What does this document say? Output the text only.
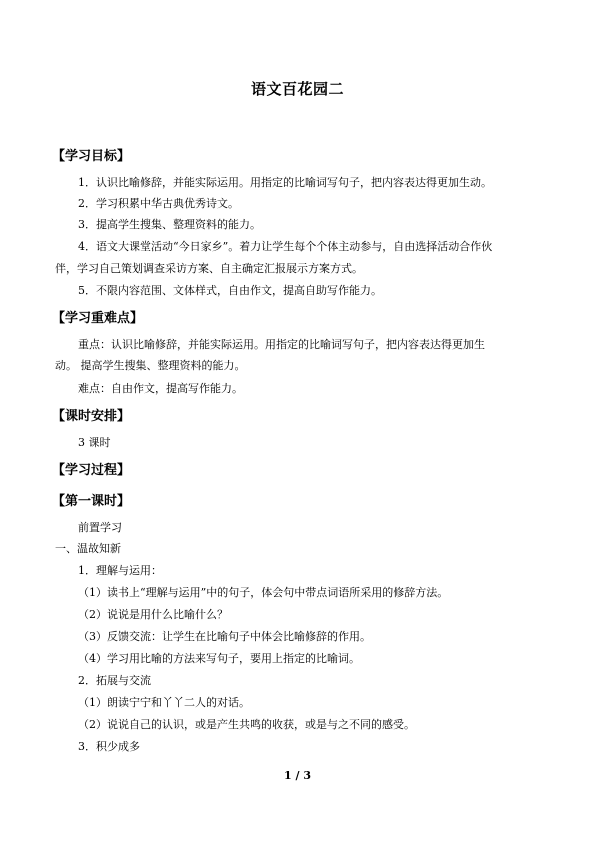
语文百花园二
【学习目标】
1．认识比喻修辞，并能实际运用。用指定的比喻词写句子，把内容表达得更加生动。
2．学习积累中华古典优秀诗文。
3．提高学生搜集、整理资料的能力。
4．语文大课堂活动“今日家乡”。着力让学生每个个体主动参与，自由选择活动合作伙
伴，学习自己策划调查采访方案、自主确定汇报展示方案方式。
5．不限内容范围、文体样式，自由作文，提高自助写作能力。
【学习重难点】
重点：认识比喻修辞，并能实际运用。用指定的比喻词写句子，把内容表达得更加生
动。 提高学生搜集、整理资料的能力。
难点：自由作文，提高写作能力。
【课时安排】
3 课时
【学习过程】
【第一课时】
前置学习
一、温故知新
1．理解与运用：
（1）读书上“理解与运用”中的句子，体会句中带点词语所采用的修辞方法。
（2）说说是用什么比喻什么？
（3）反馈交流：让学生在比喻句子中体会比喻修辞的作用。
（4）学习用比喻的方法来写句子，要用上指定的比喻词。
2．拓展与交流
（1）朗读宁宁和丫丫二人的对话。
（2）说说自己的认识，或是产生共鸣的收获，或是与之不同的感受。
3．积少成多
1 / 3
